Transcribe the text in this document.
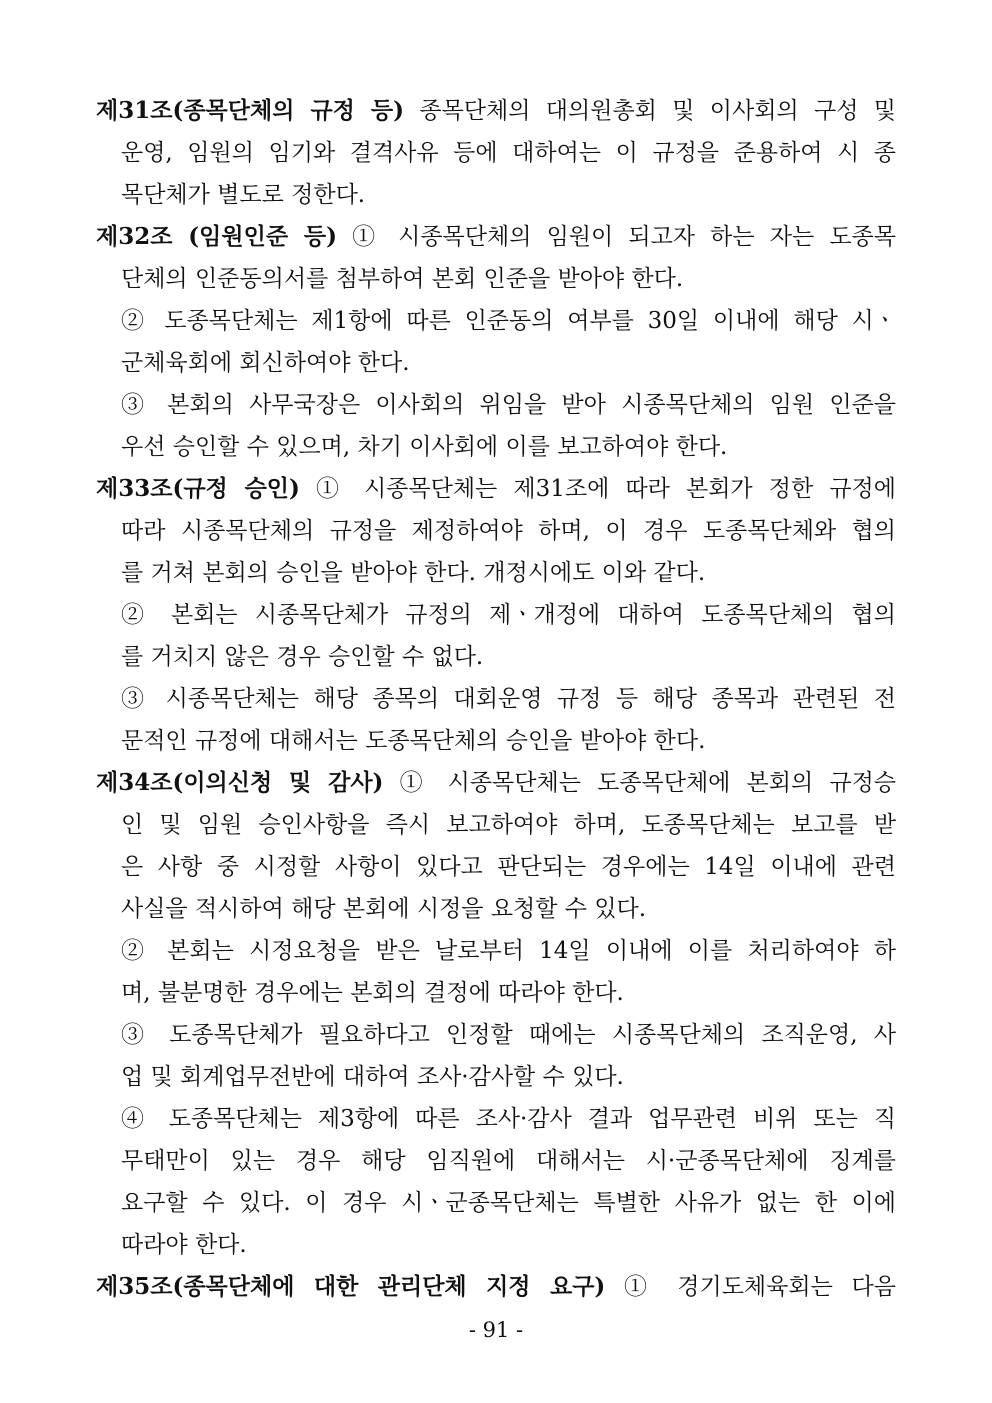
제31조(종목단체의 규정 등) 종목단체의 대의원총회 및 이사회의 구성 및
운영, 임원의 임기와 결격사유 등에 대하여는 이 규정을 준용하여 시 종
목단체가 별도로 정한다.
제32조 (임원인준 등) ① 시종목단체의 임원이 되고자 하는 자는 도종목
단체의 인준동의서를 첨부하여 본회 인준을 받아야 한다.
② 도종목단체는 제1항에 따른 인준동의 여부를 30일 이내에 해당 시ㆍ
군체육회에 회신하여야 한다.
③ 본회의 사무국장은 이사회의 위임을 받아 시종목단체의 임원 인준을
우선 승인할 수 있으며, 차기 이사회에 이를 보고하여야 한다.
제33조(규정 승인) ① 시종목단체는 제31조에 따라 본회가 정한 규정에
따라 시종목단체의 규정을 제정하여야 하며, 이 경우 도종목단체와 협의
를 거쳐 본회의 승인을 받아야 한다. 개정시에도 이와 같다.
② 본회는 시종목단체가 규정의 제ㆍ개정에 대하여 도종목단체의 협의
를 거치지 않은 경우 승인할 수 없다.
③ 시종목단체는 해당 종목의 대회운영 규정 등 해당 종목과 관련된 전
문적인 규정에 대해서는 도종목단체의 승인을 받아야 한다.
제34조(이의신청 및 감사) ① 시종목단체는 도종목단체에 본회의 규정승
인 및 임원 승인사항을 즉시 보고하여야 하며, 도종목단체는 보고를 받
은 사항 중 시정할 사항이 있다고 판단되는 경우에는 14일 이내에 관련
사실을 적시하여 해당 본회에 시정을 요청할 수 있다.
② 본회는 시정요청을 받은 날로부터 14일 이내에 이를 처리하여야 하
며, 불분명한 경우에는 본회의 결정에 따라야 한다.
③ 도종목단체가 필요하다고 인정할 때에는 시종목단체의 조직운영, 사
업 및 회계업무전반에 대하여 조사·감사할 수 있다.
④ 도종목단체는 제3항에 따른 조사·감사 결과 업무관련 비위 또는 직
무태만이 있는 경우 해당 임직원에 대해서는 시·군종목단체에 징계를
요구할 수 있다. 이 경우 시ㆍ군종목단체는 특별한 사유가 없는 한 이에
따라야 한다.
제35조(종목단체에 대한 관리단체 지정 요구) ① 경기도체육회는 다음
- 91 -
